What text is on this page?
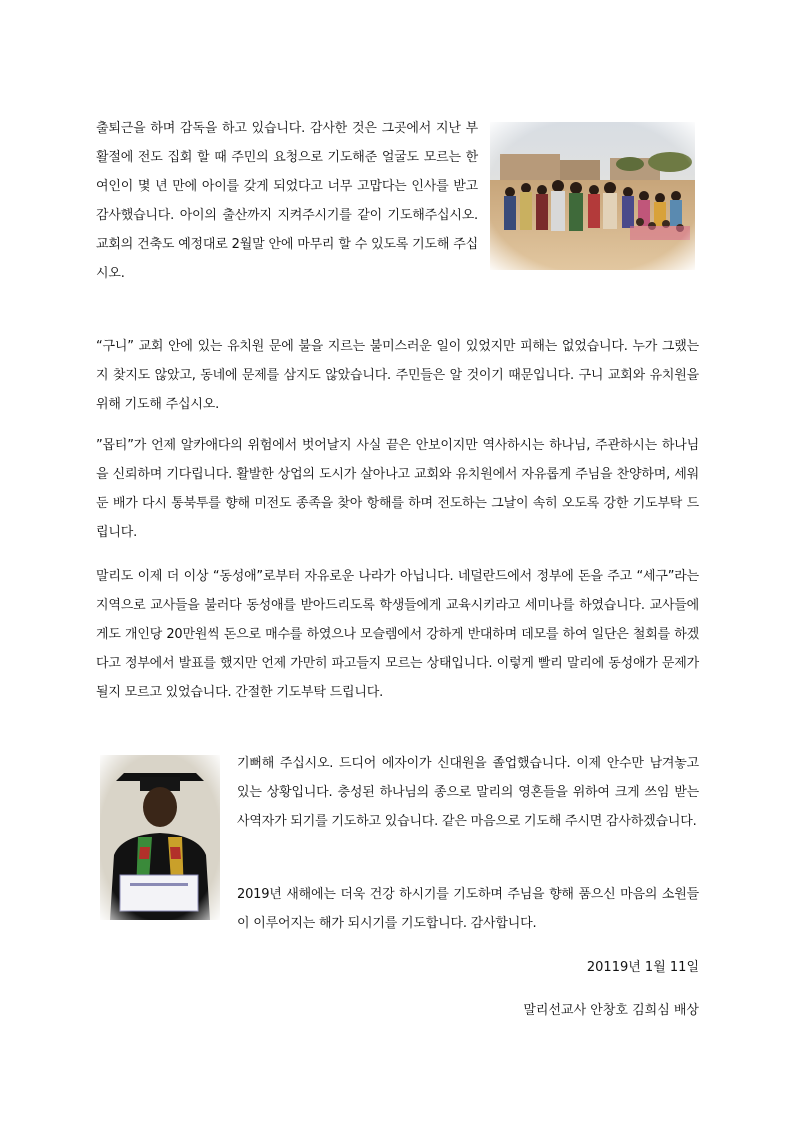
출퇴근을 하며 감독을 하고 있습니다. 감사한 것은 그곳에서 지난 부활절에 전도 집회 할 때 주민의 요청으로 기도해준 얼굴도 모르는 한 여인이 몇 년 만에 아이를 갖게 되었다고 너무 고맙다는 인사를 받고 감사했습니다. 아이의 출산까지 지켜주시기를 같이 기도해주십시오. 교회의 건축도 예정대로 2월말 안에 마무리 할 수 있도록 기도해 주십시오.

“구니” 교회 안에 있는 유치원 문에 불을 지르는 불미스러운 일이 있었지만 피해는 없었습니다. 누가 그랬는지 찾지도 않았고, 동네에 문제를 삼지도 않았습니다. 주민들은 알 것이기 때문입니다. 구니 교회와 유치원을 위해 기도해 주십시오.

”몹티”가 언제 알카애다의 위험에서 벗어날지 사실 끝은 안보이지만 역사하시는 하나님, 주관하시는 하나님을 신뢰하며 기다립니다. 활발한 상업의 도시가 살아나고 교회와 유치원에서 자유롭게 주님을 찬양하며, 세워둔 배가 다시 통북투를 향해 미전도 종족을 찾아 항해를 하며 전도하는 그날이 속히 오도록 강한 기도부탁 드립니다.

말리도 이제 더 이상 “동성애”로부터 자유로운 나라가 아닙니다. 네덜란드에서 정부에 돈을 주고 “세구”라는 지역으로 교사들을 불러다 동성애를 받아드리도록 학생들에게 교육시키라고 세미나를 하였습니다. 교사들에게도 개인당 20만원씩 돈으로 매수를 하였으나 모슬렘에서 강하게 반대하며 데모를 하여 일단은 철회를 하겠다고 정부에서 발표를 했지만 언제 가만히 파고들지 모르는 상태입니다. 이렇게 빨리 말리에 동성애가 문제가 될지 모르고 있었습니다. 간절한 기도부탁 드립니다.

기뻐해 주십시오. 드디어 에자이가 신대원을 졸업했습니다. 이제 안수만 남겨놓고 있는 상황입니다. 충성된 하나님의 종으로 말리의 영혼들을 위하여 크게 쓰임 받는 사역자가 되기를 기도하고 있습니다. 같은 마음으로 기도해 주시면 감사하겠습니다.

2019년 새해에는 더욱 건강 하시기를 기도하며 주님을 향해 품으신 마음의 소원들이 이루어지는 해가 되시기를 기도합니다. 감사합니다.

20119년 1월 11일
말리선교사 안창호 김희심 배상
